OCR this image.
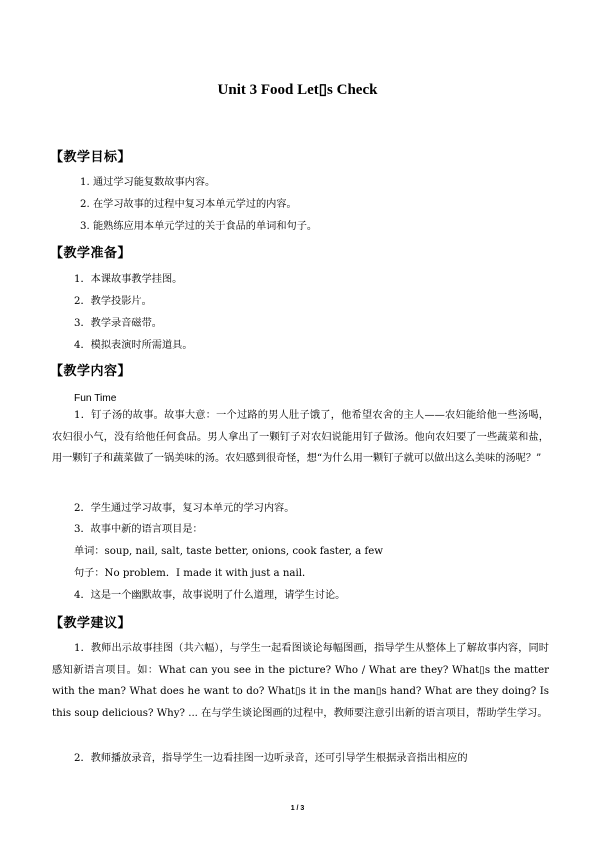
Unit 3 Food Let▯s Check
【教学目标】
1. 通过学习能复数故事内容。
2. 在学习故事的过程中复习本单元学过的内容。
3. 能熟练应用本单元学过的关于食品的单词和句子。
【教学准备】
1．本课故事教学挂图。
2．教学投影片。
3．教学录音磁带。
4．模拟表演时所需道具。
【教学内容】
Fun Time
1．钉子汤的故事。故事大意：一个过路的男人肚子饿了，他希望农舍的主人——农妇能给他一些汤喝，农妇很小气，没有给他任何食品。男人拿出了一颗钉子对农妇说能用钉子做汤。他向农妇要了一些蔬菜和盐，用一颗钉子和蔬菜做了一锅美味的汤。农妇感到很奇怪，想“为什么用一颗钉子就可以做出这么美味的汤呢？”
2．学生通过学习故事，复习本单元的学习内容。
3．故事中新的语言项目是：
单词：soup, nail, salt, taste better, onions, cook faster, a few
句子：No problem．I made it with just a nail．
4．这是一个幽默故事，故事说明了什么道理，请学生讨论。
【教学建议】
1．教师出示故事挂图（共六幅），与学生一起看图谈论每幅图画，指导学生从整体上了解故事内容，同时感知新语言项目。如：What can you see in the picture? Who / What are they? What▯s the matter with the man? What does he want to do? What▯s it in the man▯s hand? What are they doing? Is this soup delicious? Why? ... 在与学生谈论图画的过程中，教师要注意引出新的语言项目，帮助学生学习。
2．教师播放录音，指导学生一边看挂图一边听录音，还可引导学生根据录音指出相应的
1 / 3
